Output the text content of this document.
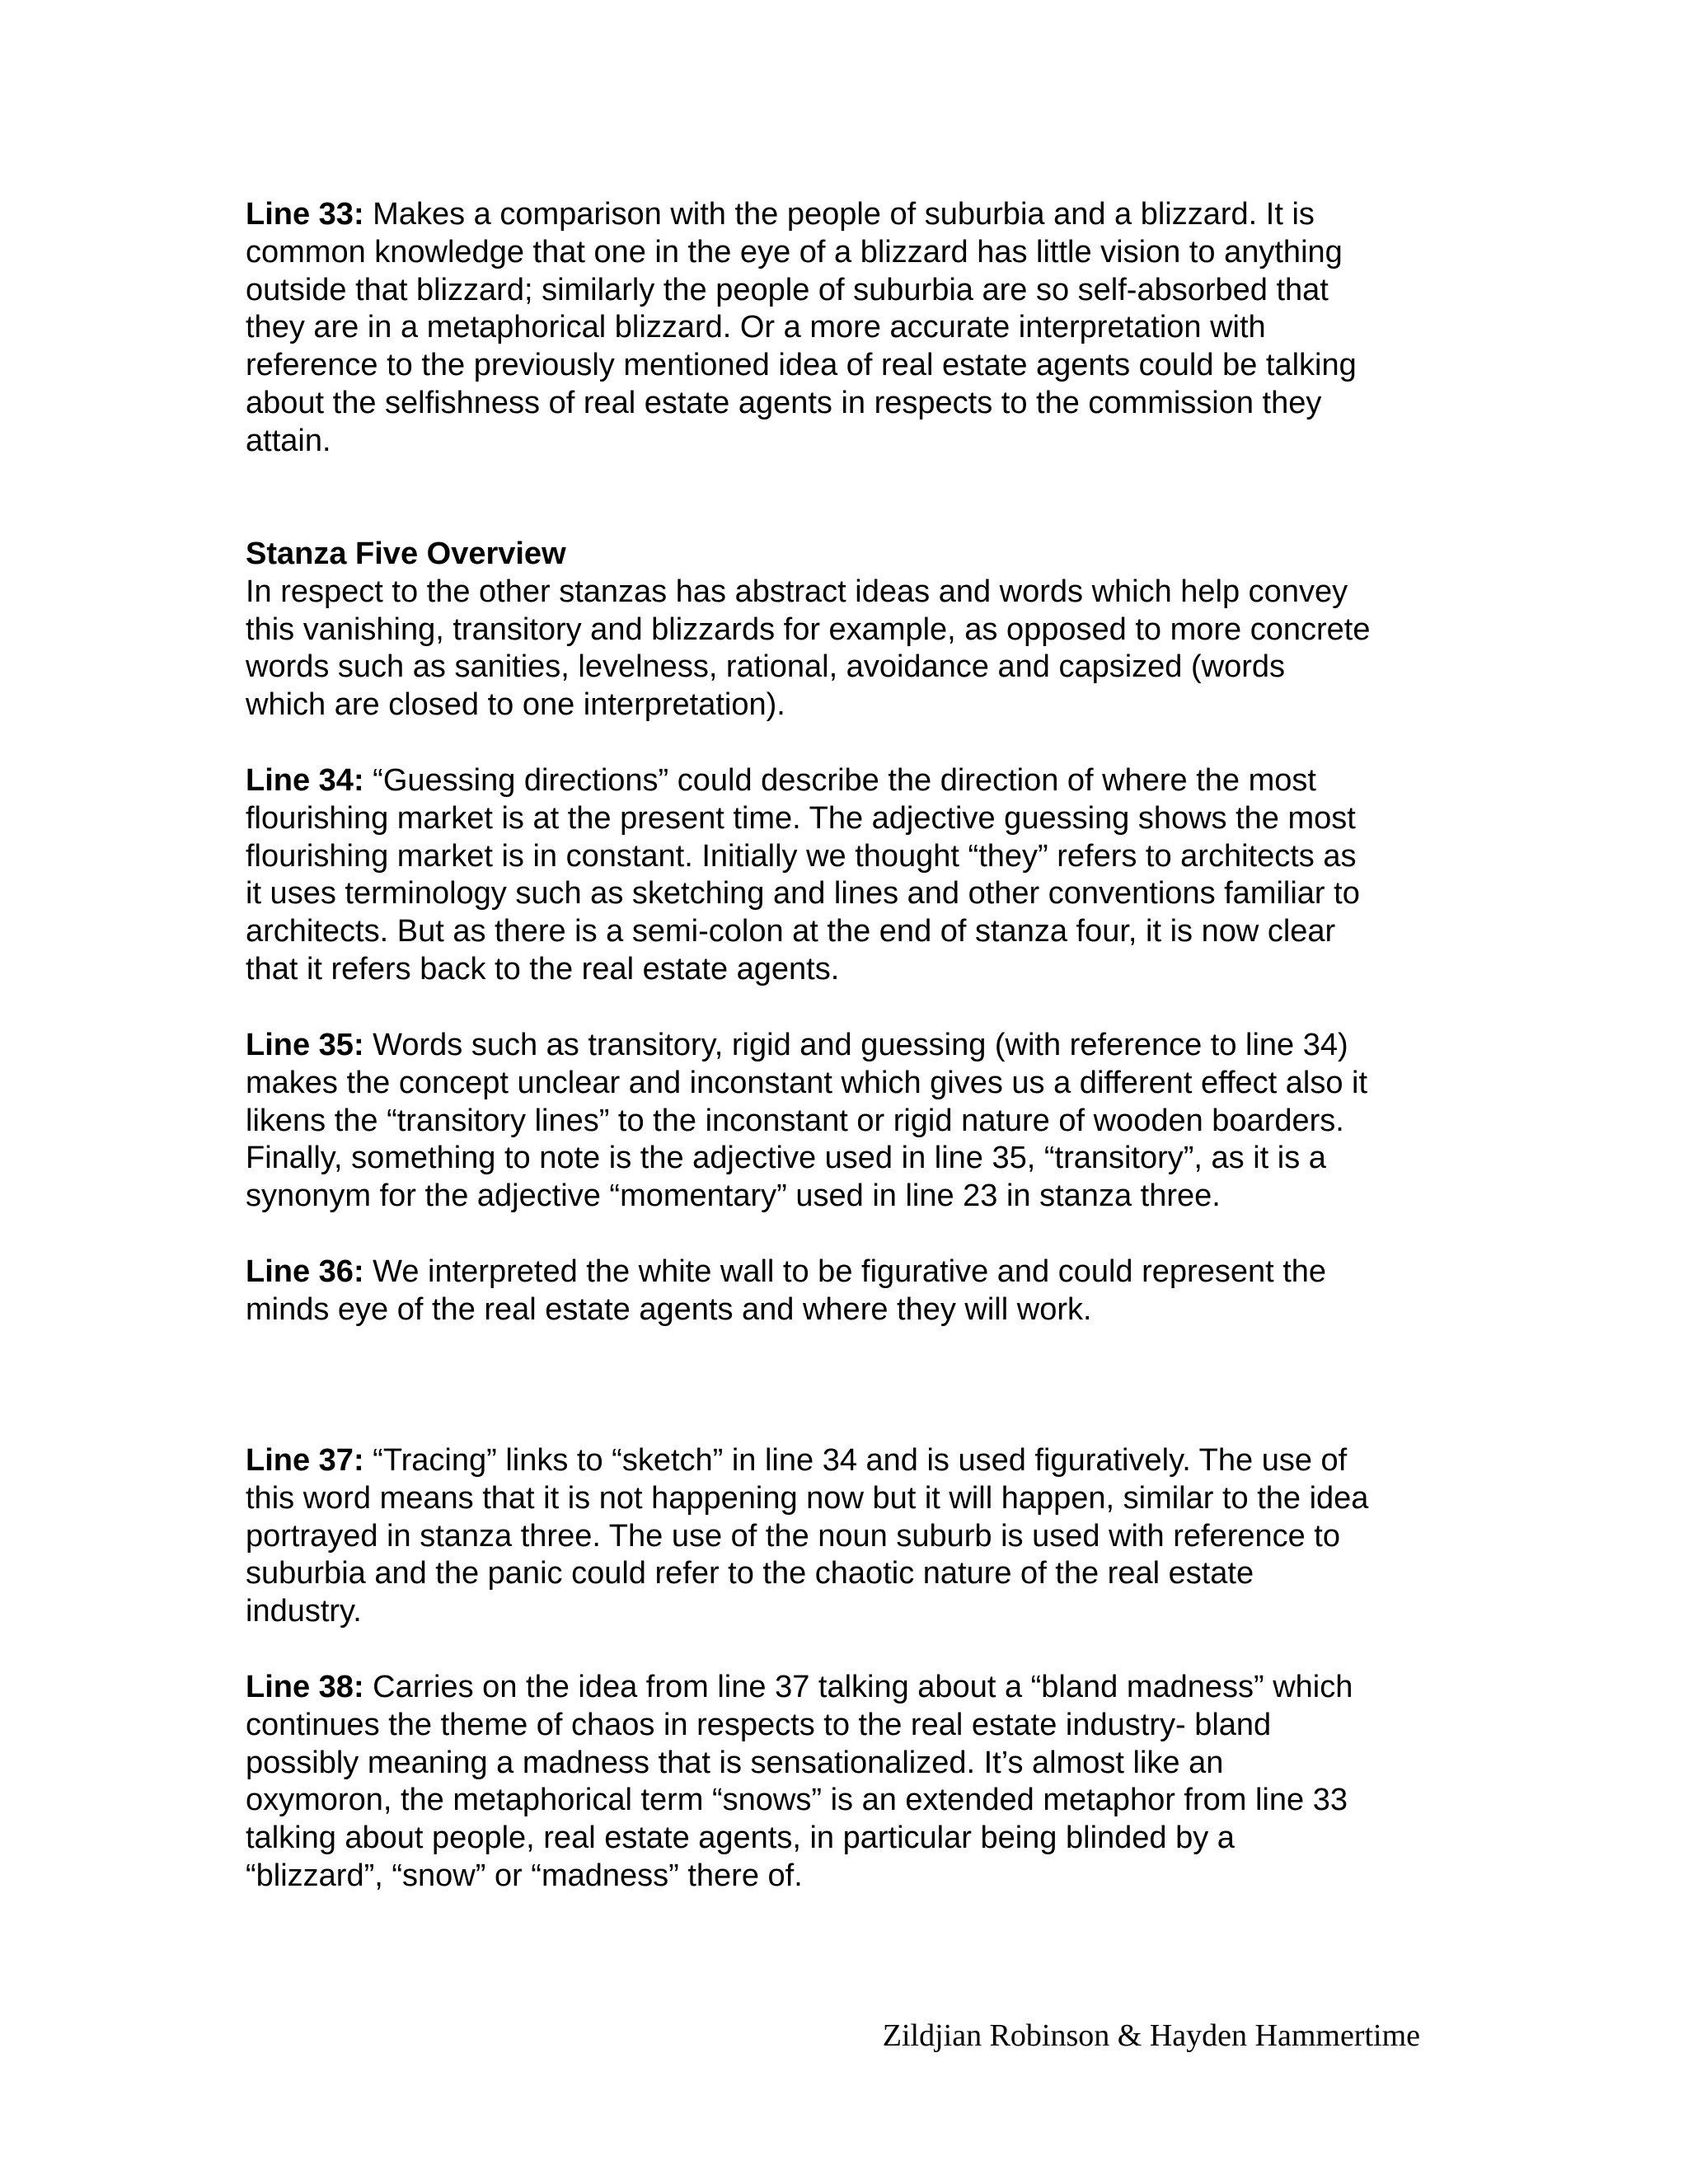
Line 33: Makes a comparison with the people of suburbia and a blizzard. It is
common knowledge that one in the eye of a blizzard has little vision to anything
outside that blizzard; similarly the people of suburbia are so self-absorbed that
they are in a metaphorical blizzard. Or a more accurate interpretation with
reference to the previously mentioned idea of real estate agents could be talking
about the selfishness of real estate agents in respects to the commission they
attain.

Stanza Five Overview
In respect to the other stanzas has abstract ideas and words which help convey
this vanishing, transitory and blizzards for example, as opposed to more concrete
words such as sanities, levelness, rational, avoidance and capsized (words
which are closed to one interpretation).

Line 34: “Guessing directions” could describe the direction of where the most
flourishing market is at the present time. The adjective guessing shows the most
flourishing market is in constant. Initially we thought “they” refers to architects as
it uses terminology such as sketching and lines and other conventions familiar to
architects. But as there is a semi-colon at the end of stanza four, it is now clear
that it refers back to the real estate agents.

Line 35: Words such as transitory, rigid and guessing (with reference to line 34)
makes the concept unclear and inconstant which gives us a different effect also it
likens the “transitory lines” to the inconstant or rigid nature of wooden boarders.
Finally, something to note is the adjective used in line 35, “transitory”, as it is a
synonym for the adjective “momentary” used in line 23 in stanza three.

Line 36: We interpreted the white wall to be figurative and could represent the
minds eye of the real estate agents and where they will work.

Line 37: “Tracing” links to “sketch” in line 34 and is used figuratively. The use of
this word means that it is not happening now but it will happen, similar to the idea
portrayed in stanza three. The use of the noun suburb is used with reference to
suburbia and the panic could refer to the chaotic nature of the real estate
industry.

Line 38: Carries on the idea from line 37 talking about a “bland madness” which
continues the theme of chaos in respects to the real estate industry- bland
possibly meaning a madness that is sensationalized. It’s almost like an
oxymoron, the metaphorical term “snows” is an extended metaphor from line 33
talking about people, real estate agents, in particular being blinded by a
“blizzard”, “snow” or “madness” there of.

Zildjian Robinson & Hayden Hammertime
